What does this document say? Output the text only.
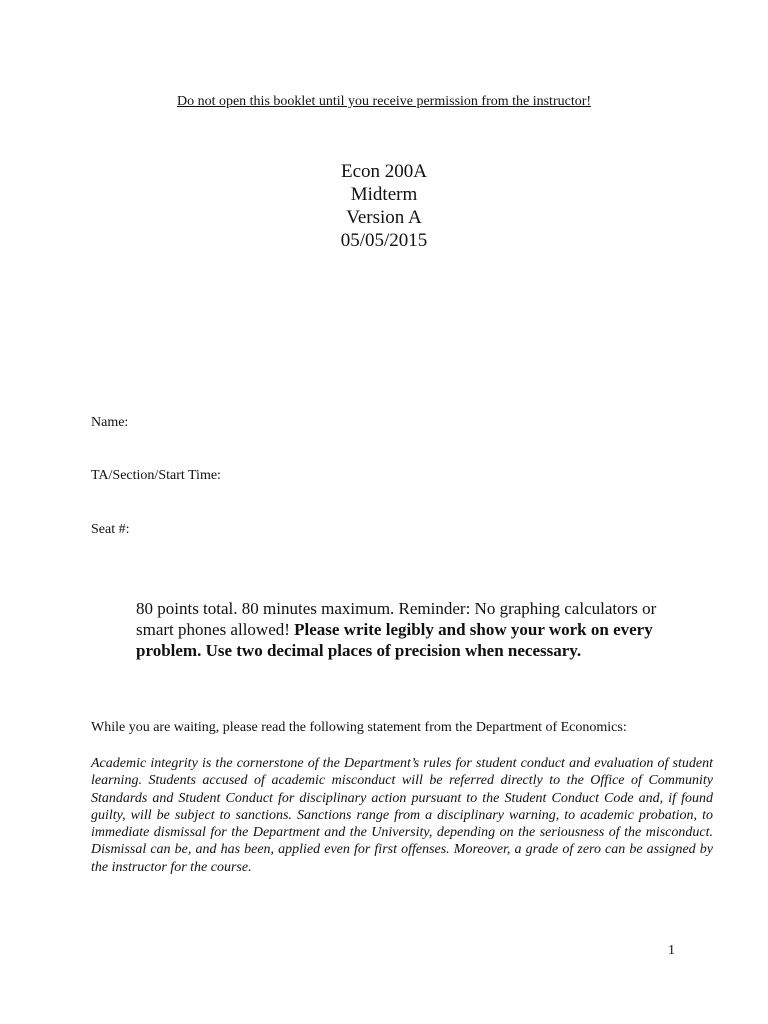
Do not open this booklet until you receive permission from the instructor!
Econ 200A
Midterm
Version A
05/05/2015
Name:
TA/Section/Start Time:
Seat #:
80 points total. 80 minutes maximum. Reminder: No graphing calculators or smart phones allowed! Please write legibly and show your work on every problem. Use two decimal places of precision when necessary.
While you are waiting, please read the following statement from the Department of Economics:
Academic integrity is the cornerstone of the Department’s rules for student conduct and evaluation of student learning. Students accused of academic misconduct will be referred directly to the Office of Community Standards and Student Conduct for disciplinary action pursuant to the Student Conduct Code and, if found guilty, will be subject to sanctions. Sanctions range from a disciplinary warning, to academic probation, to immediate dismissal for the Department and the University, depending on the seriousness of the misconduct. Dismissal can be, and has been, applied even for first offenses. Moreover, a grade of zero can be assigned by the instructor for the course.
1
